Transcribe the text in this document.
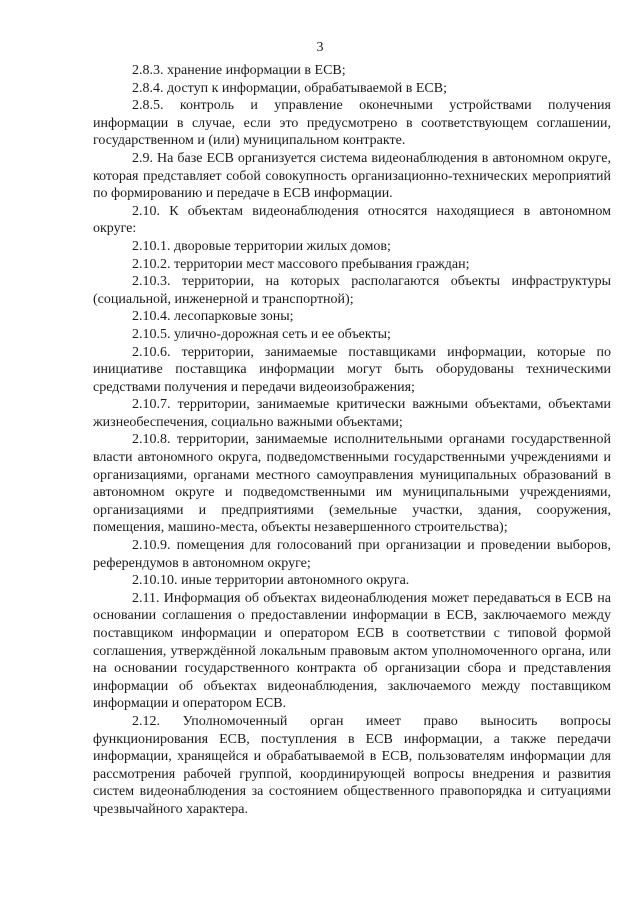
3

2.8.3. хранение информации в ЕСВ;

2.8.4. доступ к информации, обрабатываемой в ЕСВ;

2.8.5. контроль и управление оконечными устройствами получения информации в случае, если это предусмотрено в соответствующем соглашении, государственном и (или) муниципальном контракте.

2.9. На базе ЕСВ организуется система видеонаблюдения в автономном округе, которая представляет собой совокупность организационно-технических мероприятий по формированию и передаче в ЕСВ информации.

2.10. К объектам видеонаблюдения относятся находящиеся в автономном округе:

2.10.1. дворовые территории жилых домов;

2.10.2. территории мест массового пребывания граждан;

2.10.3. территории, на которых располагаются объекты инфраструктуры (социальной, инженерной и транспортной);

2.10.4. лесопарковые зоны;

2.10.5. улично-дорожная сеть и ее объекты;

2.10.6. территории, занимаемые поставщиками информации, которые по инициативе поставщика информации могут быть оборудованы техническими средствами получения и передачи видеоизображения;

2.10.7. территории, занимаемые критически важными объектами, объектами жизнеобеспечения, социально важными объектами;

2.10.8. территории, занимаемые исполнительными органами государственной власти автономного округа, подведомственными государственными учреждениями и организациями, органами местного самоуправления муниципальных образований в автономном округе и подведомственными им муниципальными учреждениями, организациями и предприятиями (земельные участки, здания, сооружения, помещения, машино-места, объекты незавершенного строительства);

2.10.9. помещения для голосований при организации и проведении выборов, референдумов в автономном округе;

2.10.10. иные территории автономного округа.

2.11. Информация об объектах видеонаблюдения может передаваться в ЕСВ на основании соглашения о предоставлении информации в ЕСВ, заключаемого между поставщиком информации и оператором ЕСВ в соответствии с типовой формой соглашения, утверждённой локальным правовым актом уполномоченного органа, или на основании государственного контракта об организации сбора и представления информации об объектах видеонаблюдения, заключаемого между поставщиком информации и оператором ЕСВ.

2.12. Уполномоченный орган имеет право выносить вопросы функционирования ЕСВ, поступления в ЕСВ информации, а также передачи информации, хранящейся и обрабатываемой в ЕСВ, пользователям информации для рассмотрения рабочей группой, координирующей вопросы внедрения и развития систем видеонаблюдения за состоянием общественного правопорядка и ситуациями чрезвычайного характера.
